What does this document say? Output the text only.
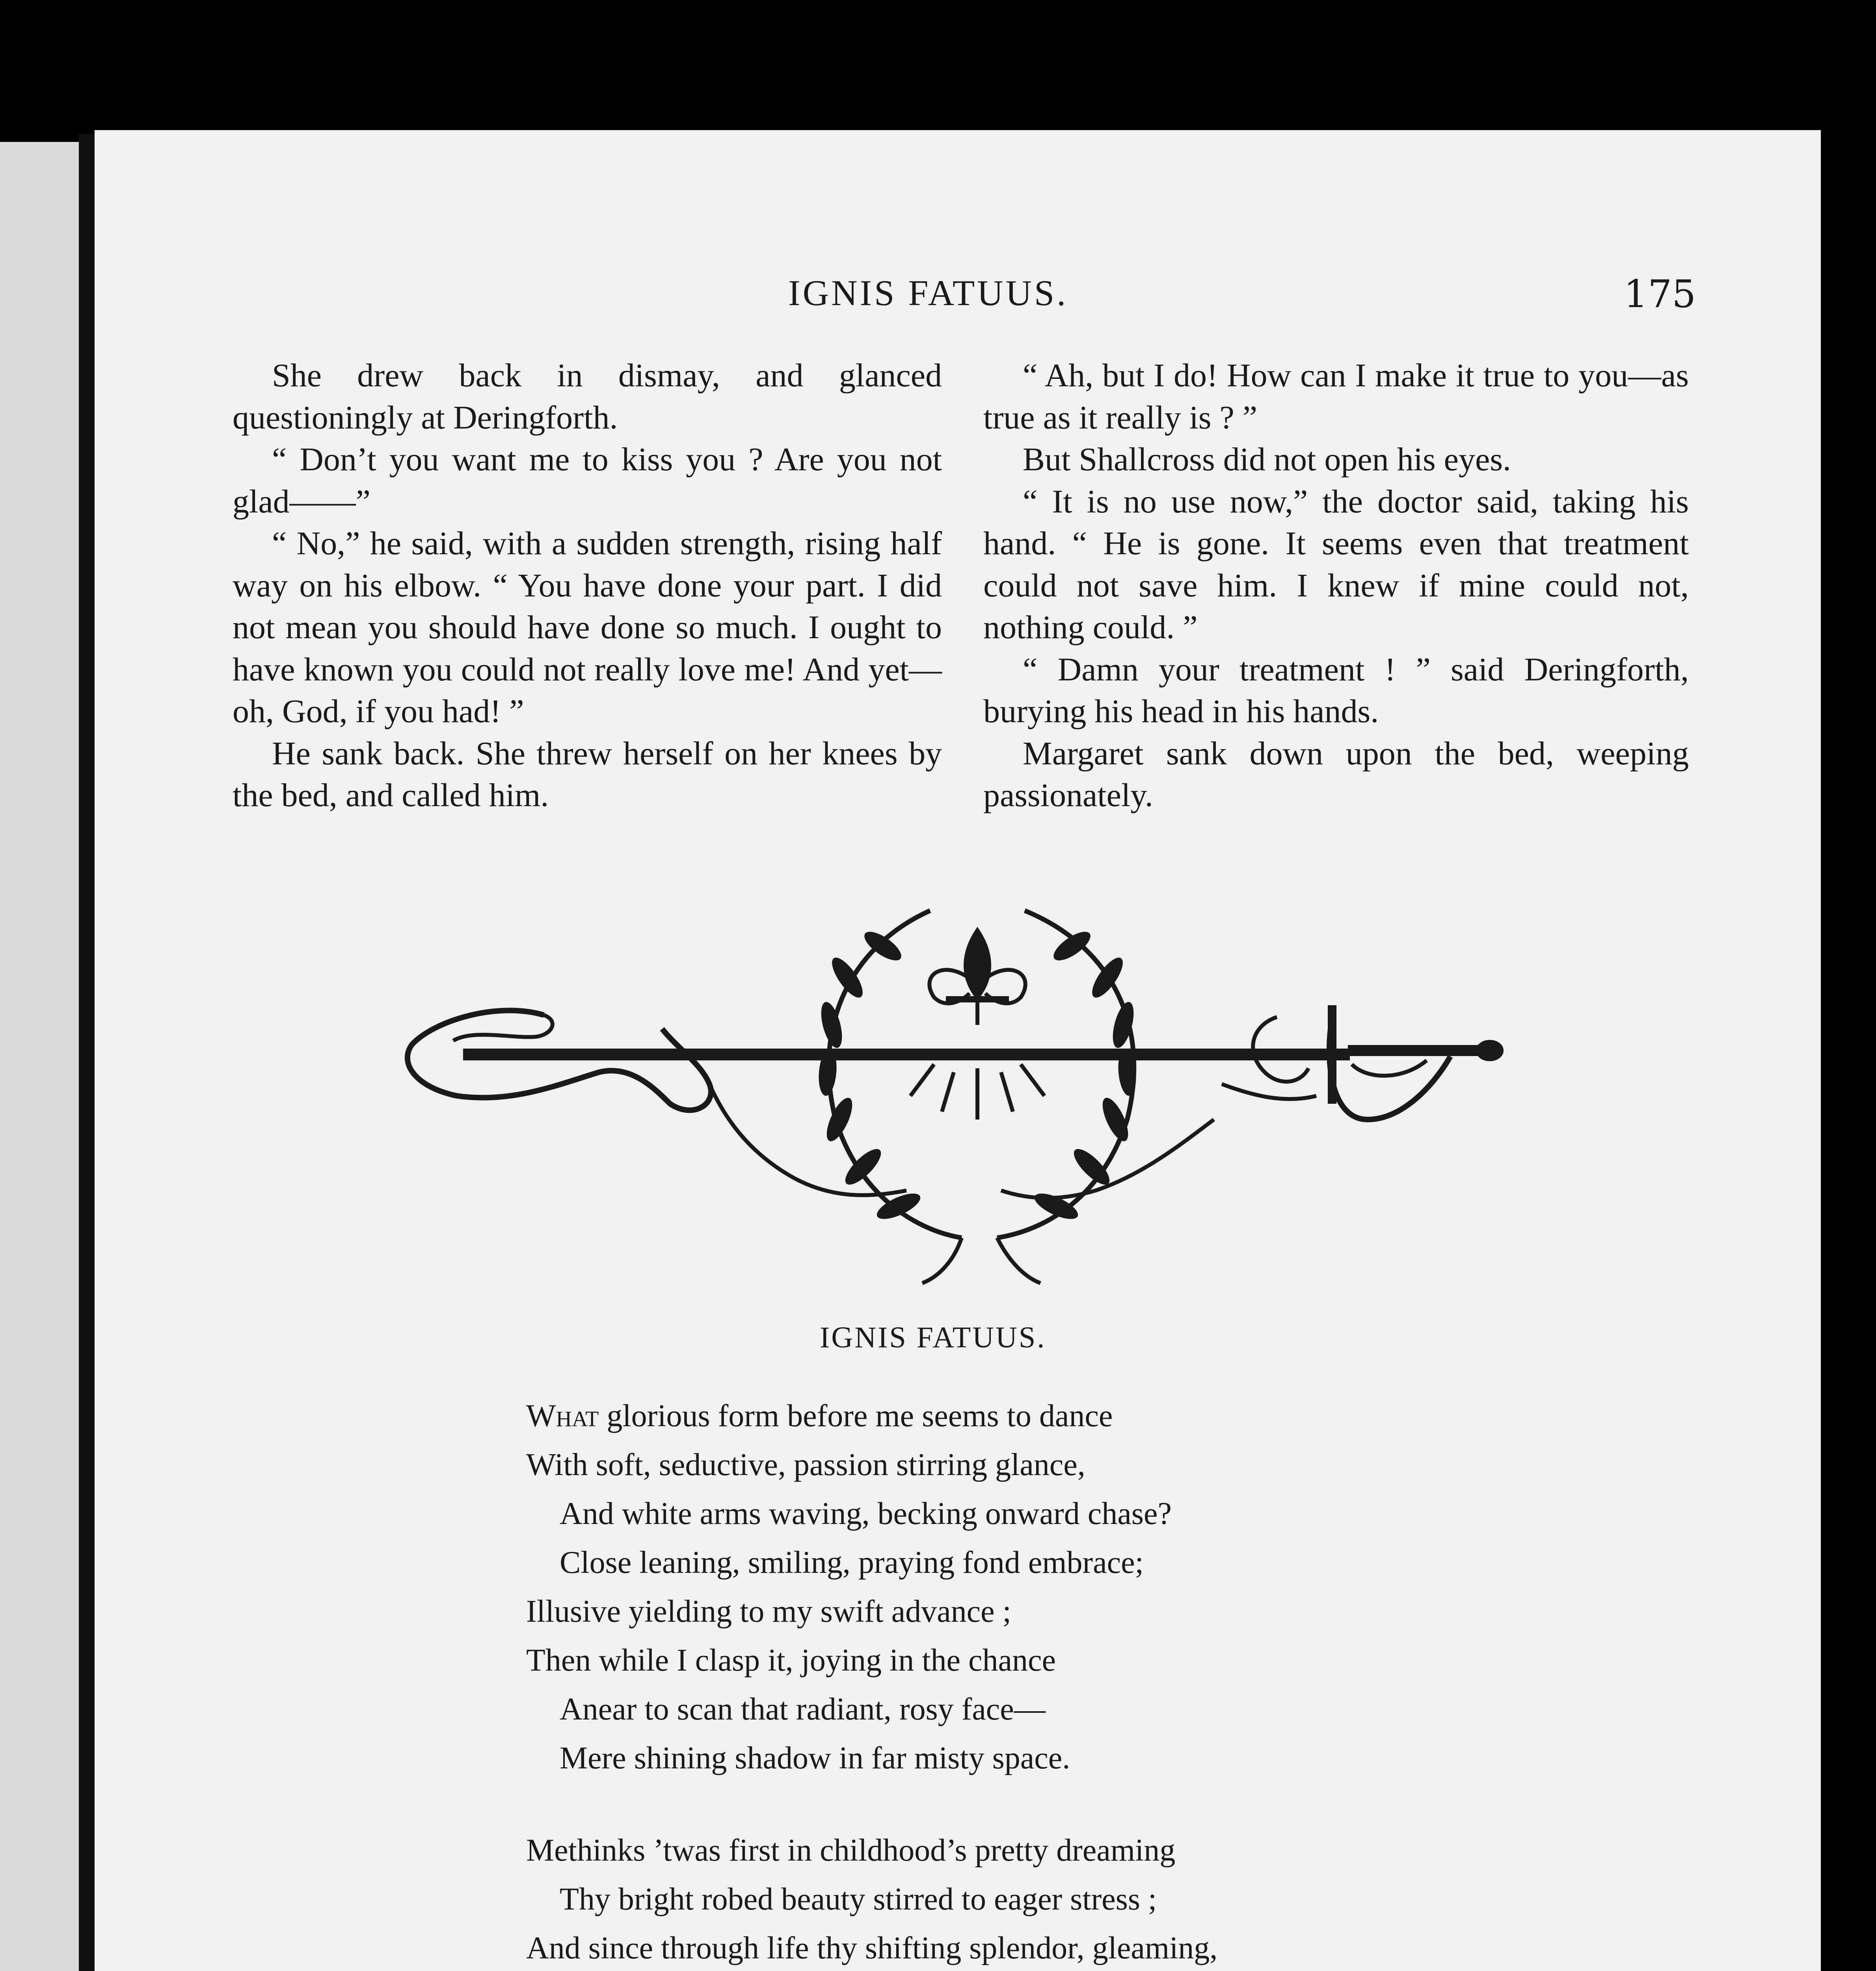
IGNIS FATUUS.	175

She drew back in dismay, and glanced questioningly at Deringforth.

“ Don’t you want me to kiss you ? Are you not glad——”

“ No,” he said, with a sudden strength, rising half way on his elbow. “ You have done your part. I did not mean you should have done so much. I ought to have known you could not really love me! And yet—oh, God, if you had! ”

He sank back. She threw herself on her knees by the bed, and called him.

“ Ah, but I do! How can I make it true to you—as true as it really is ? ”

But Shallcross did not open his eyes.

“ It is no use now,” the doctor said, taking his hand. “ He is gone. It seems even that treatment could not save him. I knew if mine could not, nothing could. ”

“ Damn your treatment ! ” said Deringforth, burying his head in his hands.

Margaret sank down upon the bed, weeping passionately.

IGNIS FATUUS.
What glorious form before me seems to dance
With soft, seductive, passion stirring glance,
And white arms waving, becking onward chase?
Close leaning, smiling, praying fond embrace;
Illusive yielding to my swift advance ;
Then while I clasp it, joying in the chance
Anear to scan that radiant, rosy face—
Mere shining shadow in far misty space.
Methinks ’twas first in childhood’s pretty dreaming
Thy bright robed beauty stirred to eager stress ;
And since through life thy shifting splendor, gleaming,
